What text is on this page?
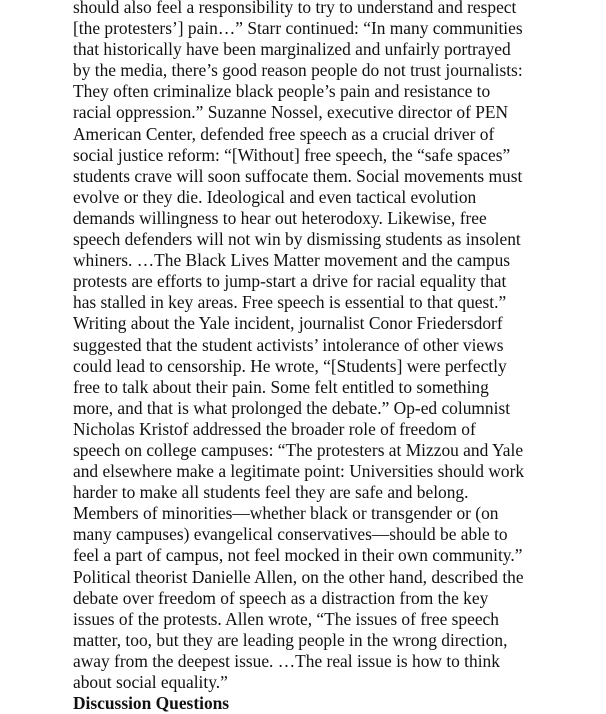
should also feel a responsibility to try to understand and respect
[the protesters’] pain…” Starr continued: “In many communities
that historically have been marginalized and unfairly portrayed
by the media, there’s good reason people do not trust journalists:
They often criminalize black people’s pain and resistance to
racial oppression.” Suzanne Nossel, executive director of PEN
American Center, defended free speech as a crucial driver of
social justice reform: “[Without] free speech, the “safe spaces”
students crave will soon suffocate them. Social movements must
evolve or they die. Ideological and even tactical evolution
demands willingness to hear out heterodoxy. Likewise, free
speech defenders will not win by dismissing students as insolent
whiners. …The Black Lives Matter movement and the campus
protests are efforts to jump-start a drive for racial equality that
has stalled in key areas. Free speech is essential to that quest.”
Writing about the Yale incident, journalist Conor Friedersdorf
suggested that the student activists’ intolerance of other views
could lead to censorship. He wrote, “[Students] were perfectly
free to talk about their pain. Some felt entitled to something
more, and that is what prolonged the debate.” Op-ed columnist
Nicholas Kristof addressed the broader role of freedom of
speech on college campuses: “The protesters at Mizzou and Yale
and elsewhere make a legitimate point: Universities should work
harder to make all students feel they are safe and belong.
Members of minorities—whether black or transgender or (on
many campuses) evangelical conservatives—should be able to
feel a part of campus, not feel mocked in their own community.”
Political theorist Danielle Allen, on the other hand, described the
debate over freedom of speech as a distraction from the key
issues of the protests. Allen wrote, “The issues of free speech
matter, too, but they are leading people in the wrong direction,
away from the deepest issue. …The real issue is how to think
about social equality.”
Discussion Questions
